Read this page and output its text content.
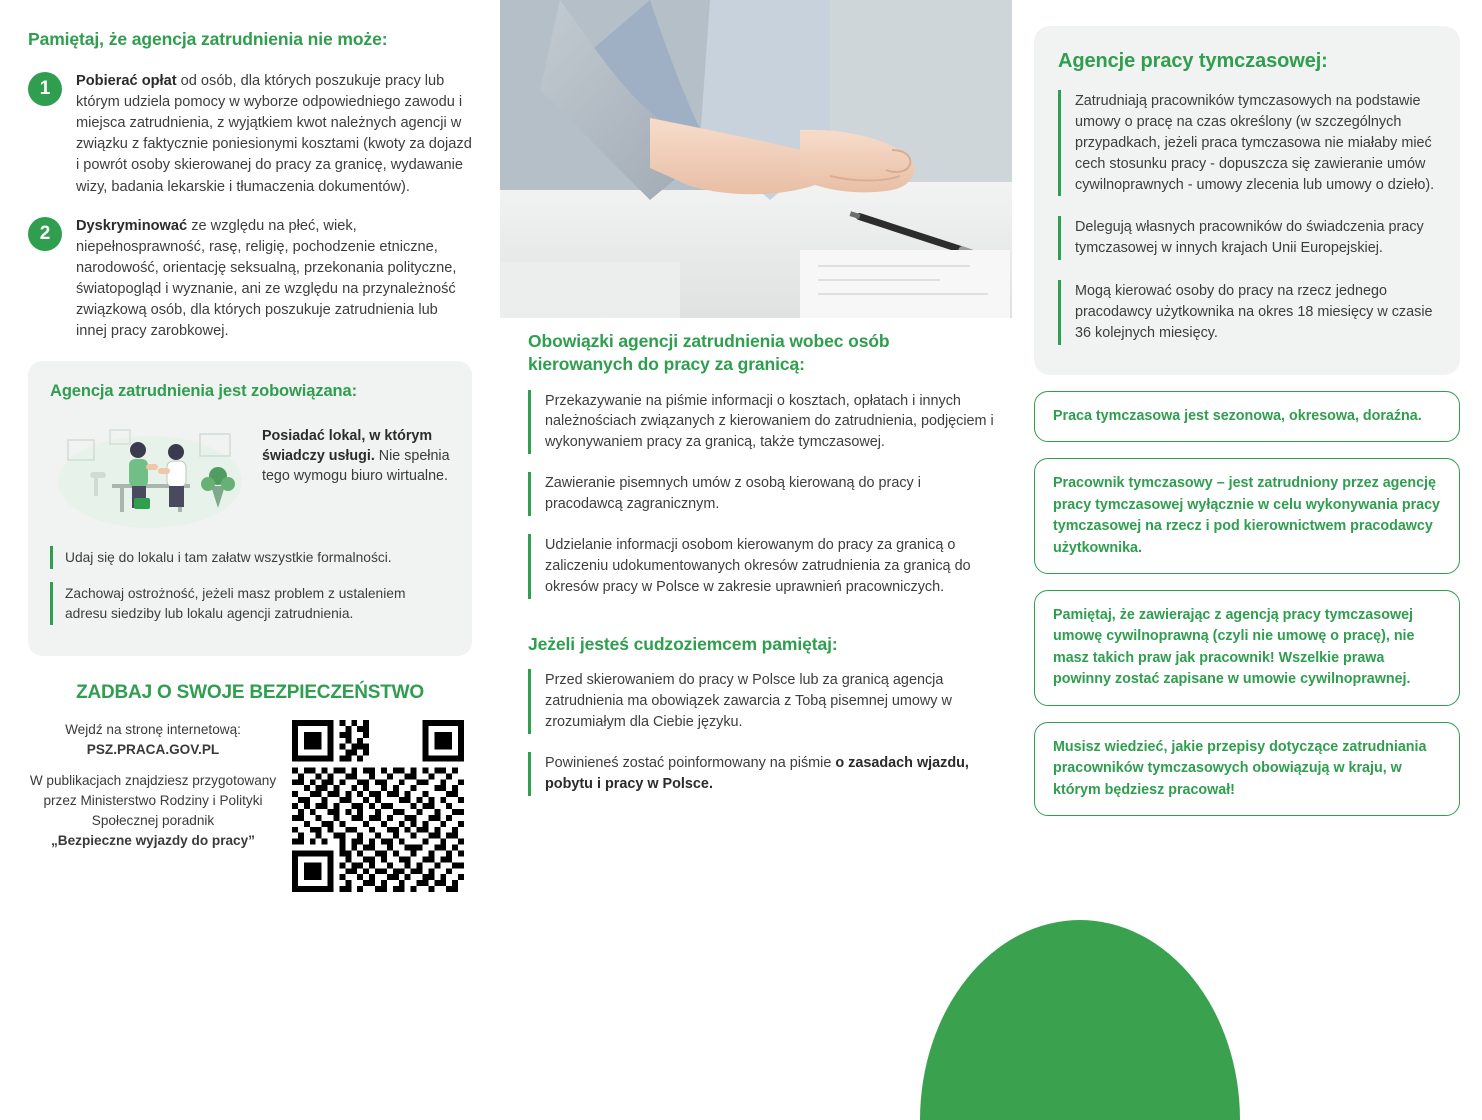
Pamiętaj, że agencja zatrudnienia nie może:
1	Pobierać opłat od osób, dla których poszukuje pracy lub którym udziela pomocy w wyborze odpowiedniego zawodu i miejsca zatrudnienia, z wyjątkiem kwot należnych agencji w związku z faktycznie poniesionymi kosztami (kwoty za dojazd i powrót osoby skierowanej do pracy za granicę, wydawanie wizy, badania lekarskie i tłumaczenia dokumentów).
2	Dyskryminować ze względu na płeć, wiek, niepełnosprawność, rasę, religię, pochodzenie etniczne, narodowość, orientację seksualną, przekonania polityczne, światopogląd i wyznanie, ani ze względu na przynależność związkową osób, dla których poszukuje zatrudnienia lub innej pracy zarobkowej.
Agencja zatrudnienia jest zobowiązana:
Posiadać lokal, w którym świadczy usługi. Nie spełnia tego wymogu biuro wirtualne.
Udaj się do lokalu i tam załatw wszystkie formalności.
Zachowaj ostrożność, jeżeli masz problem z ustaleniem adresu siedziby lub lokalu agencji zatrudnienia.
ZADBAJ O SWOJE BEZPIECZEŃSTWO
Wejdź na stronę internetową:
PSZ.PRACA.GOV.PL
W publikacjach znajdziesz przygotowany przez Ministerstwo Rodziny i Polityki Społecznej poradnik
„Bezpieczne wyjazdy do pracy”
Obowiązki agencji zatrudnienia wobec osób kierowanych do pracy za granicą:
Przekazywanie na piśmie informacji o kosztach, opłatach i innych należnościach związanych z kierowaniem do zatrudnienia, podjęciem i wykonywaniem pracy za granicą, także tymczasowej.
Zawieranie pisemnych umów z osobą kierowaną do pracy i pracodawcą zagranicznym.
Udzielanie informacji osobom kierowanym do pracy za granicą o zaliczeniu udokumentowanych okresów zatrudnienia za granicą do okresów pracy w Polsce w zakresie uprawnień pracowniczych.
Jeżeli jesteś cudzoziemcem pamiętaj:
Przed skierowaniem do pracy w Polsce lub za granicą agencja zatrudnienia ma obowiązek zawarcia z Tobą pisemnej umowy w zrozumiałym dla Ciebie języku.
Powinieneś zostać poinformowany na piśmie o zasadach wjazdu, pobytu i pracy w Polsce.
Agencje pracy tymczasowej:
Zatrudniają pracowników tymczasowych na podstawie umowy o pracę na czas określony (w szczególnych przypadkach, jeżeli praca tymczasowa nie miałaby mieć cech stosunku pracy - dopuszcza się zawieranie umów cywilnoprawnych - umowy zlecenia lub umowy o dzieło).
Delegują własnych pracowników do świadczenia pracy tymczasowej w innych krajach Unii Europejskiej.
Mogą kierować osoby do pracy na rzecz jednego pracodawcy użytkownika na okres 18 miesięcy w czasie 36 kolejnych miesięcy.
Praca tymczasowa jest sezonowa, okresowa, doraźna.
Pracownik tymczasowy – jest zatrudniony przez agencję pracy tymczasowej wyłącznie w celu wykonywania pracy tymczasowej na rzecz i pod kierownictwem pracodawcy użytkownika.
Pamiętaj, że zawierając z agencją pracy tymczasowej umowę cywilnoprawną (czyli nie umowę o pracę), nie masz takich praw jak pracownik! Wszelkie prawa powinny zostać zapisane w umowie cywilnoprawnej.
Musisz wiedzieć, jakie przepisy dotyczące zatrudniania pracowników tymczasowych obowiązują w kraju, w którym będziesz pracował!
